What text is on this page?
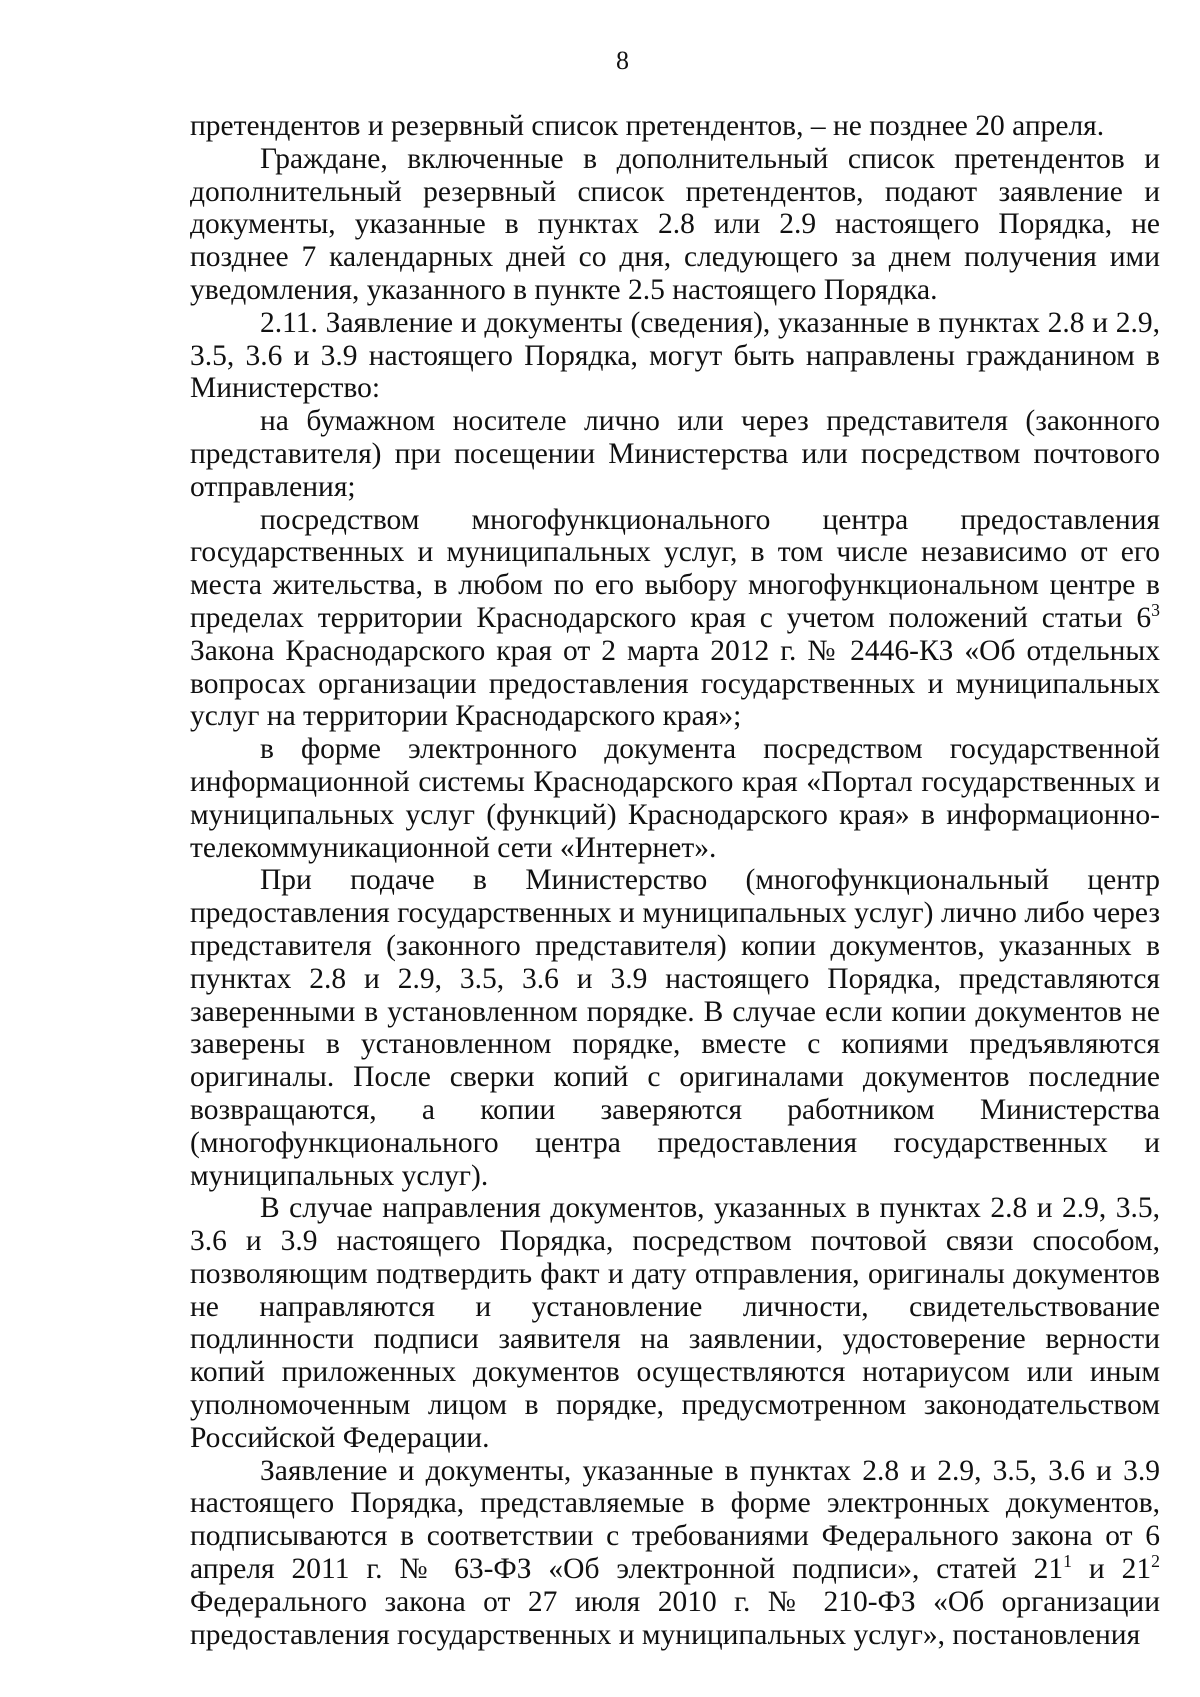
8

претендентов и резервный список претендентов, – не позднее 20 апреля.

Граждане, включенные в дополнительный список претендентов и дополнительный резервный список претендентов, подают заявление и документы, указанные в пунктах 2.8 или 2.9 настоящего Порядка, не позднее 7 календарных дней со дня, следующего за днем получения ими уведомления, указанного в пункте 2.5 настоящего Порядка.

2.11. Заявление и документы (сведения), указанные в пунктах 2.8 и 2.9, 3.5, 3.6 и 3.9 настоящего Порядка, могут быть направлены гражданином в Министерство:

на бумажном носителе лично или через представителя (законного представителя) при посещении Министерства или посредством почтового отправления;

посредством многофункционального центра предоставления государственных и муниципальных услуг, в том числе независимо от его места жительства, в любом по его выбору многофункциональном центре в пределах территории Краснодарского края с учетом положений статьи $6^3$ Закона Краснодарского края от 2 марта 2012 г. № 2446-КЗ «Об отдельных вопросах организации предоставления государственных и муниципальных услуг на территории Краснодарского края»;

в форме электронного документа посредством государственной информационной системы Краснодарского края «Портал государственных и муниципальных услуг (функций) Краснодарского края» в информационно-телекоммуникационной сети «Интернет».

При подаче в Министерство (многофункциональный центр предоставления государственных и муниципальных услуг) лично либо через представителя (законного представителя) копии документов, указанных в пунктах 2.8 и 2.9, 3.5, 3.6 и 3.9 настоящего Порядка, представляются заверенными в установленном порядке. В случае если копии документов не заверены в установленном порядке, вместе с копиями предъявляются оригиналы. После сверки копий с оригиналами документов последние возвращаются, а копии заверяются работником Министерства (многофункционального центра предоставления государственных и муниципальных услуг).

В случае направления документов, указанных в пунктах 2.8 и 2.9, 3.5, 3.6 и 3.9 настоящего Порядка, посредством почтовой связи способом, позволяющим подтвердить факт и дату отправления, оригиналы документов не направляются и установление личности, свидетельствование подлинности подписи заявителя на заявлении, удостоверение верности копий приложенных документов осуществляются нотариусом или иным уполномоченным лицом в порядке, предусмотренном законодательством Российской Федерации.

Заявление и документы, указанные в пунктах 2.8 и 2.9, 3.5, 3.6 и 3.9 настоящего Порядка, представляемые в форме электронных документов, подписываются в соответствии с требованиями Федерального закона от 6 апреля 2011 г. № 63-ФЗ «Об электронной подписи», статей $21^1$ и $21^2$ Федерального закона от 27 июля 2010 г. № 210-ФЗ «Об организации предоставления государственных и муниципальных услуг», постановления
